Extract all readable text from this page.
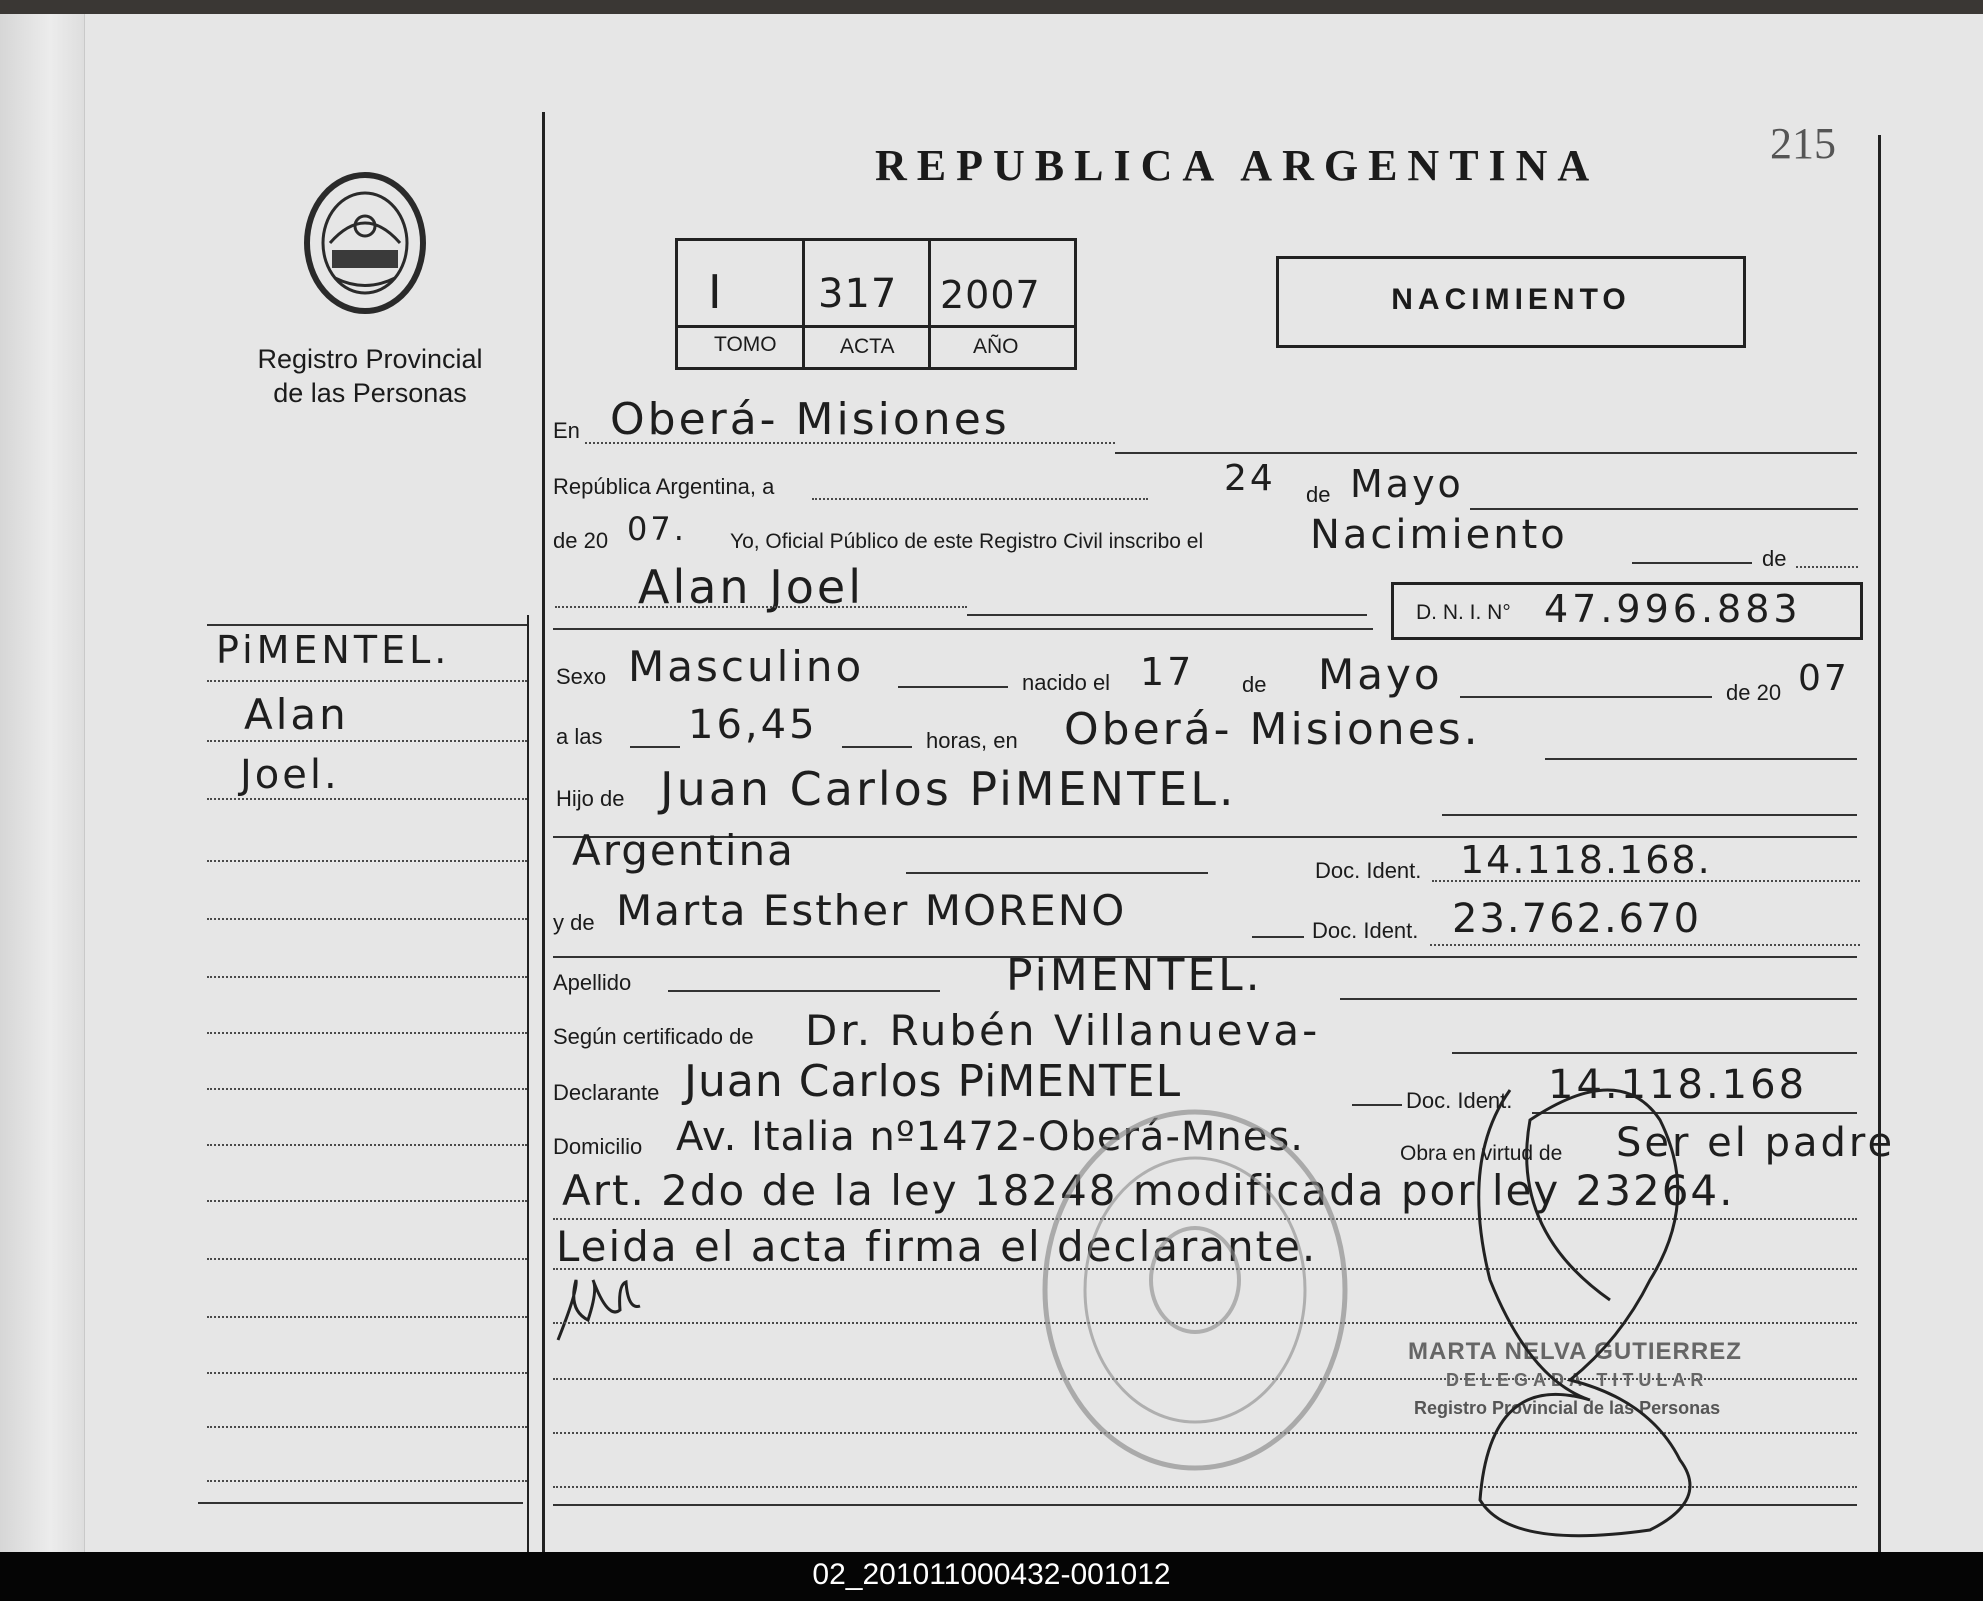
215
REPUBLICA ARGENTINA
Registro Provincial
de las Personas
I 317 2007
TOMO	ACTA	AÑO
NACIMIENTO
En Oberá- Misiones
República Argentina, a	24 de Mayo
de 20 07. Yo, Oficial Público de este Registro Civil inscribo el	Nacimiento
de
Alan Joel	D. N. I. N° 47.996.883
Sexo Masculino	nacido el 17 de Mayo	de 20 07
a las 16,45	horas, en Oberá- Misiones.
Hijo de Juan Carlos PiMENTEL.
Argentina	Doc. Ident. 14.118.168.
y de Marta Esther MORENO	Doc. Ident. 23.762.670
Apellido	PiMENTEL.
Según certificado de Dr. Rubén Villanueva-
Declarante Juan Carlos PiMENTEL	Doc. Ident. 14.118.168
Domicilio Av. Italia nº1472-Oberá-Mnes.	Obra en virtud de Ser el padre
Art. 2do de la ley 18248 modificada por ley 23264.
Leida el acta firma el declarante.
MARTA NELVA GUTIERREZ
DELEGADA TITULAR
Registro Provincial de las Personas
PiMENTEL.
Alan
Joel.
02_201011000432-001012
